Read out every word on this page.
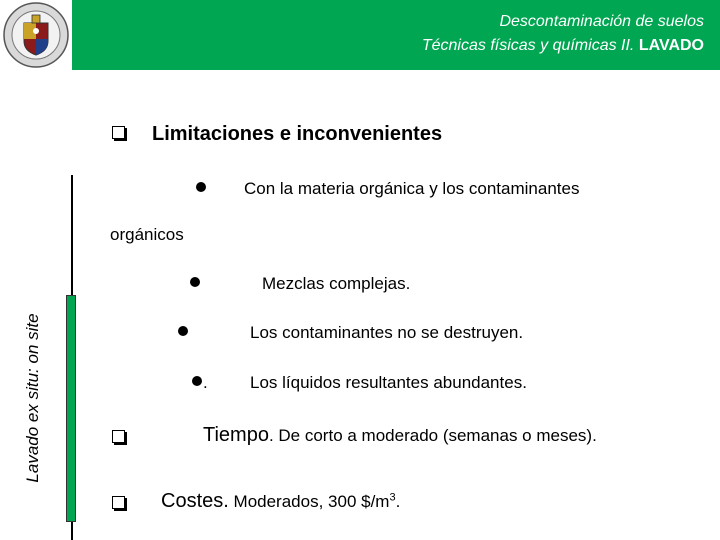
Descontaminación de suelos
Técnicas físicas y químicas II. LAVADO
Lavado ex situ: on site
Limitaciones e inconvenientes
Con la materia orgánica y los contaminantes
orgánicos
Mezclas complejas.
Los contaminantes no se destruyen.
. Los líquidos resultantes abundantes.
Tiempo. De corto a moderado (semanas o meses).
Costes. Moderados, 300 $\$/m^3$.
